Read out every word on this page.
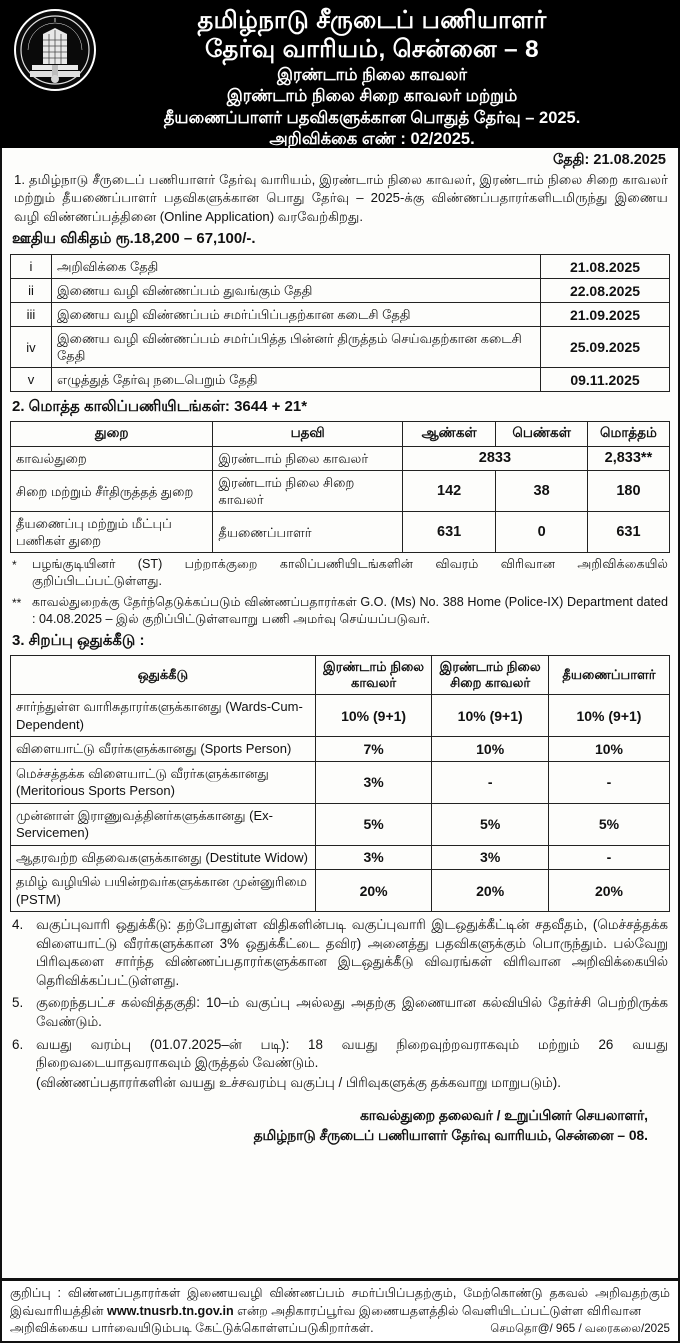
தமிழ்நாடு சீருடைப் பணியாளர்
தேர்வு வாரியம், சென்னை – 8
இரண்டாம் நிலை காவலர்
இரண்டாம் நிலை சிறை காவலர் மற்றும்
தீயணைப்பாளர் பதவிகளுக்கான பொதுத் தேர்வு – 2025.
அறிவிக்கை எண் : 02/2025.
தேதி: 21.08.2025
1. தமிழ்நாடு சீருடைப் பணியாளர் தேர்வு வாரியம், இரண்டாம் நிலை காவலர், இரண்டாம் நிலை சிறை காவலர் மற்றும் தீயணைப்பாளர் பதவிகளுக்கான பொது தேர்வு – 2025-க்கு விண்ணப்பதாரர்களிடமிருந்து இணைய வழி விண்ணப்பத்தினை (Online Application) வரவேற்கிறது.
ஊதிய விகிதம் ரூ.18,200 – 67,100/-.
i	அறிவிக்கை தேதி	21.08.2025
ii	இணைய வழி விண்ணப்பம் துவங்கும் தேதி	22.08.2025
iii	இணைய வழி விண்ணப்பம் சமர்ப்பிப்பதற்கான கடைசி தேதி	21.09.2025
iv	இணைய வழி விண்ணப்பம் சமர்ப்பித்த பின்னர் திருத்தம் செய்வதற்கான கடைசி தேதி	25.09.2025
v	எழுத்துத் தேர்வு நடைபெறும் தேதி	09.11.2025
2. மொத்த காலிப்பணியிடங்கள்: 3644 + 21*
துறை	பதவி	ஆண்கள்	பெண்கள்	மொத்தம்
காவல்துறை	இரண்டாம் நிலை காவலர்	2833		2,833**
சிறை மற்றும் சீர்திருத்தத் துறை	இரண்டாம் நிலை சிறை காவலர்	142	38	180
தீயணைப்பு மற்றும் மீட்புப் பணிகள் துறை	தீயணைப்பாளர்	631	0	631
*	பழங்குடியினர் (ST) பற்றாக்குறை காலிப்பணியிடங்களின் விவரம் விரிவான அறிவிக்கையில் குறிப்பிடப்பட்டுள்ளது.
** காவல்துறைக்கு தேர்ந்தெடுக்கப்படும் விண்ணப்பதாரர்கள் G.O. (Ms) No. 388 Home (Police-IX) Department dated : 04.08.2025 – இல் குறிப்பிட்டுள்ளவாறு பணி அமர்வு செய்யப்படுவர்.
3. சிறப்பு ஒதுக்கீடு :
ஒதுக்கீடு	இரண்டாம் நிலை காவலர்	இரண்டாம் நிலை சிறை காவலர்	தீயணைப்பாளர்
சார்ந்துள்ள வாரிசுதாரர்களுக்கானது (Wards-Cum-Dependent)	10% (9+1)	10% (9+1)	10% (9+1)
விளையாட்டு வீரர்களுக்கானது (Sports Person)	7%	10%	10%
மெச்சத்தக்க விளையாட்டு வீரர்களுக்கானது (Meritorious Sports Person)	3%	-	-
முன்னாள் இராணுவத்தினர்களுக்கானது (Ex-Servicemen)	5%	5%	5%
ஆதரவற்ற விதவைகளுக்கானது (Destitute Widow)	3%	3%	-
தமிழ் வழியில் பயின்றவர்களுக்கான முன்னுரிமை (PSTM)	20%	20%	20%
4. வகுப்புவாரி ஒதுக்கீடு: தற்போதுள்ள விதிகளின்படி வகுப்புவாரி இடஒதுக்கீட்டின் சதவீதம், (மெச்சத்தக்க விளையாட்டு வீரர்களுக்கான 3% ஒதுக்கீட்டை தவிர) அனைத்து பதவிகளுக்கும் பொருந்தும். பல்வேறு பிரிவுகளை சார்ந்த விண்ணப்பதாரர்களுக்கான இடஒதுக்கீடு விவரங்கள் விரிவான அறிவிக்கையில் தெரிவிக்கப்பட்டுள்ளது.
5. குறைந்தபட்ச கல்வித்தகுதி: 10–ம் வகுப்பு அல்லது அதற்கு இணையான கல்வியில் தேர்ச்சி பெற்றிருக்க வேண்டும்.
6. வயது வரம்பு (01.07.2025–ன் படி): 18 வயது நிறைவுற்றவராகவும் மற்றும் 26 வயது நிறைவடையாதவராகவும் இருத்தல் வேண்டும்.
(விண்ணப்பதாரர்களின் வயது உச்சவரம்பு வகுப்பு / பிரிவுகளுக்கு தக்கவாறு மாறுபடும்).
காவல்துறை தலைவர் / உறுப்பினர் செயலாளர்,
தமிழ்நாடு சீருடைப் பணியாளர் தேர்வு வாரியம், சென்னை – 08.
குறிப்பு : விண்ணப்பதாரர்கள் இணையவழி விண்ணப்பம் சமர்ப்பிப்பதற்கும், மேற்கொண்டு தகவல் அறிவதற்கும் இவ்வாரியத்தின் www.tnusrb.tn.gov.in என்ற அதிகாரப்பூர்வ இணையதளத்தில் வெளியிடப்பட்டுள்ள விரிவான
அறிவிக்கைய பார்வையிடும்படி கேட்டுக்கொள்ளப்படுகிறார்கள்.	செமதொ@/ 965 / வரைகலை/2025
